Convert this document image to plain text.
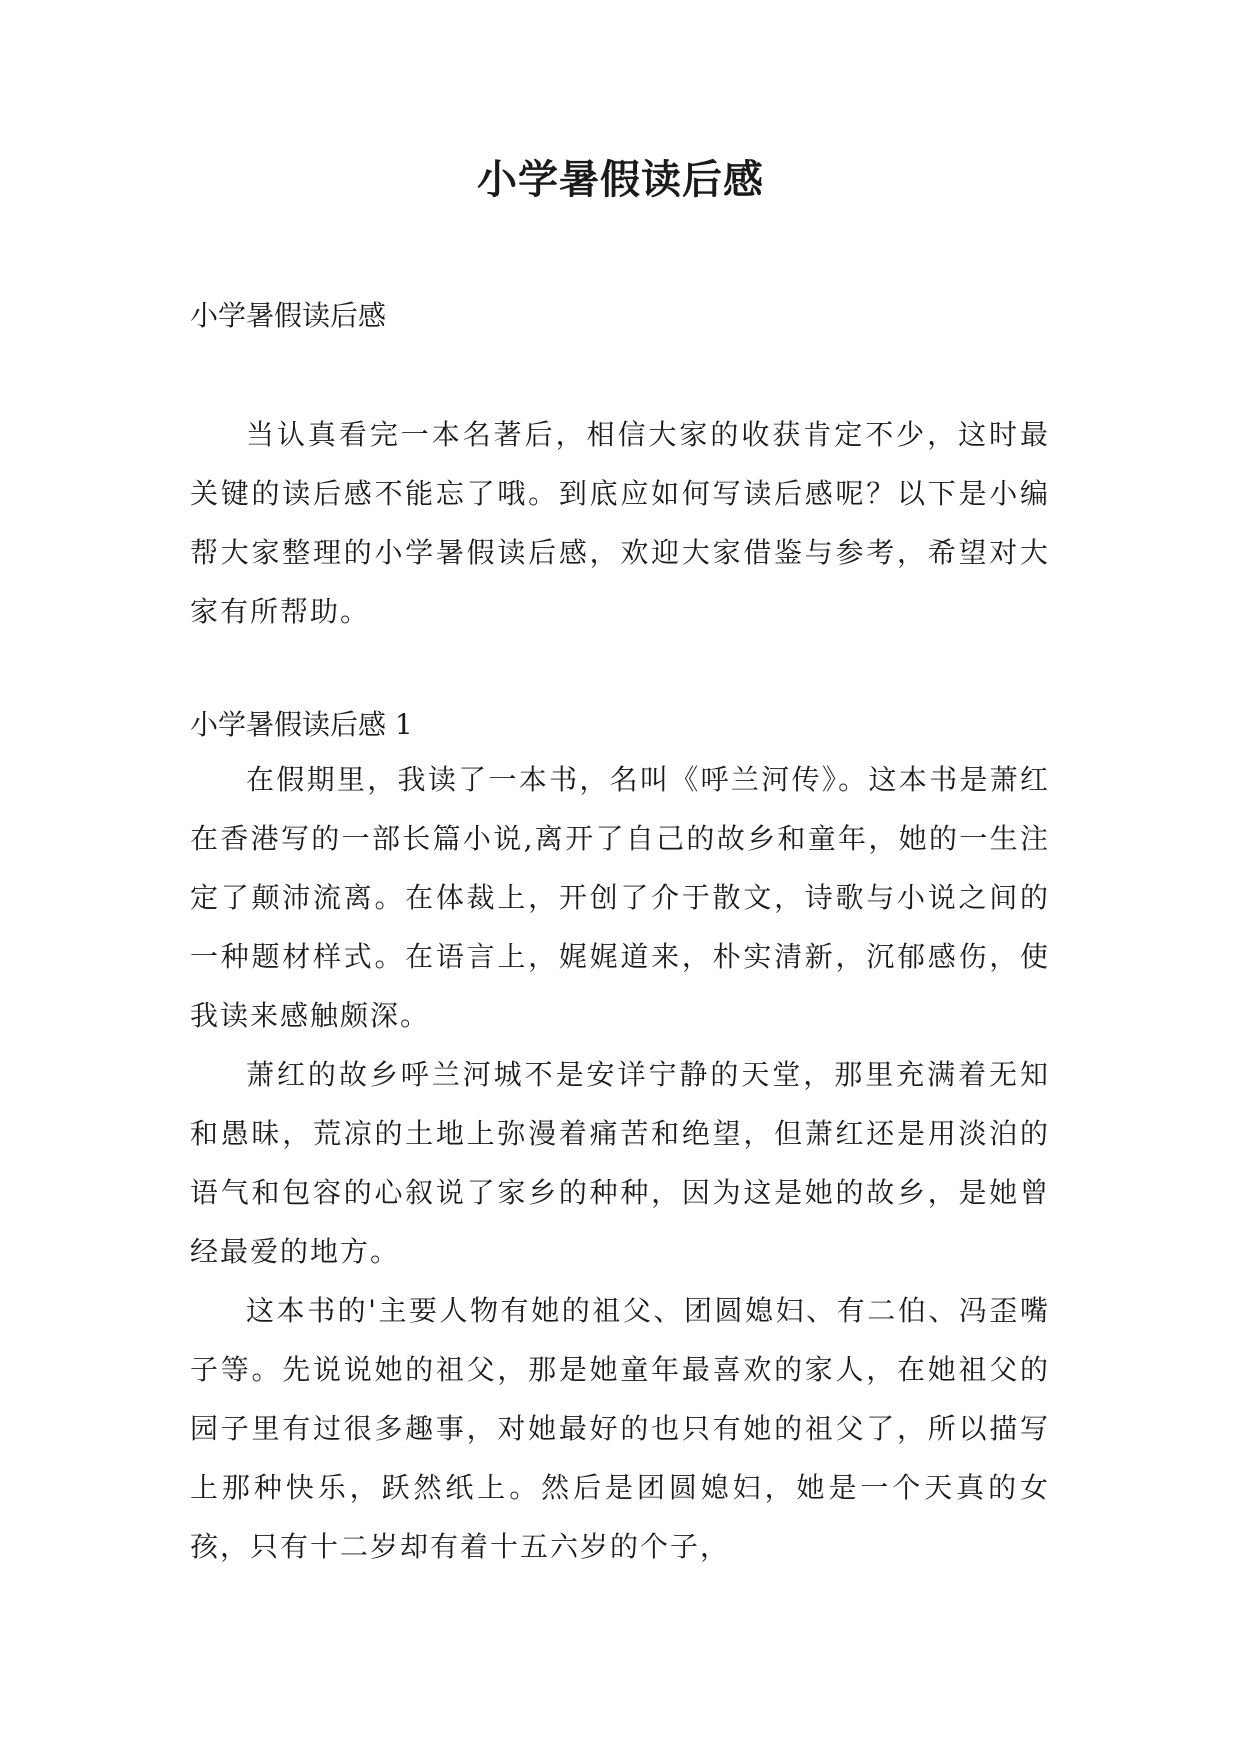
小学暑假读后感

小学暑假读后感

当认真看完一本名著后，相信大家的收获肯定不少，这时最关键的读后感不能忘了哦。到底应如何写读后感呢？以下是小编帮大家整理的小学暑假读后感，欢迎大家借鉴与参考，希望对大家有所帮助。

小学暑假读后感 1

在假期里，我读了一本书，名叫《呼兰河传》。这本书是萧红在香港写的一部长篇小说,离开了自己的故乡和童年，她的一生注定了颠沛流离。在体裁上，开创了介于散文，诗歌与小说之间的一种题材样式。在语言上，娓娓道来，朴实清新，沉郁感伤，使我读来感触颇深。

萧红的故乡呼兰河城不是安详宁静的天堂，那里充满着无知和愚昧，荒凉的土地上弥漫着痛苦和绝望，但萧红还是用淡泊的语气和包容的心叙说了家乡的种种，因为这是她的故乡，是她曾经最爱的地方。

这本书的'主要人物有她的祖父、团圆媳妇、有二伯、冯歪嘴子等。先说说她的祖父，那是她童年最喜欢的家人，在她祖父的园子里有过很多趣事，对她最好的也只有她的祖父了，所以描写上那种快乐，跃然纸上。然后是团圆媳妇，她是一个天真的女孩，只有十二岁却有着十五六岁的个子，
